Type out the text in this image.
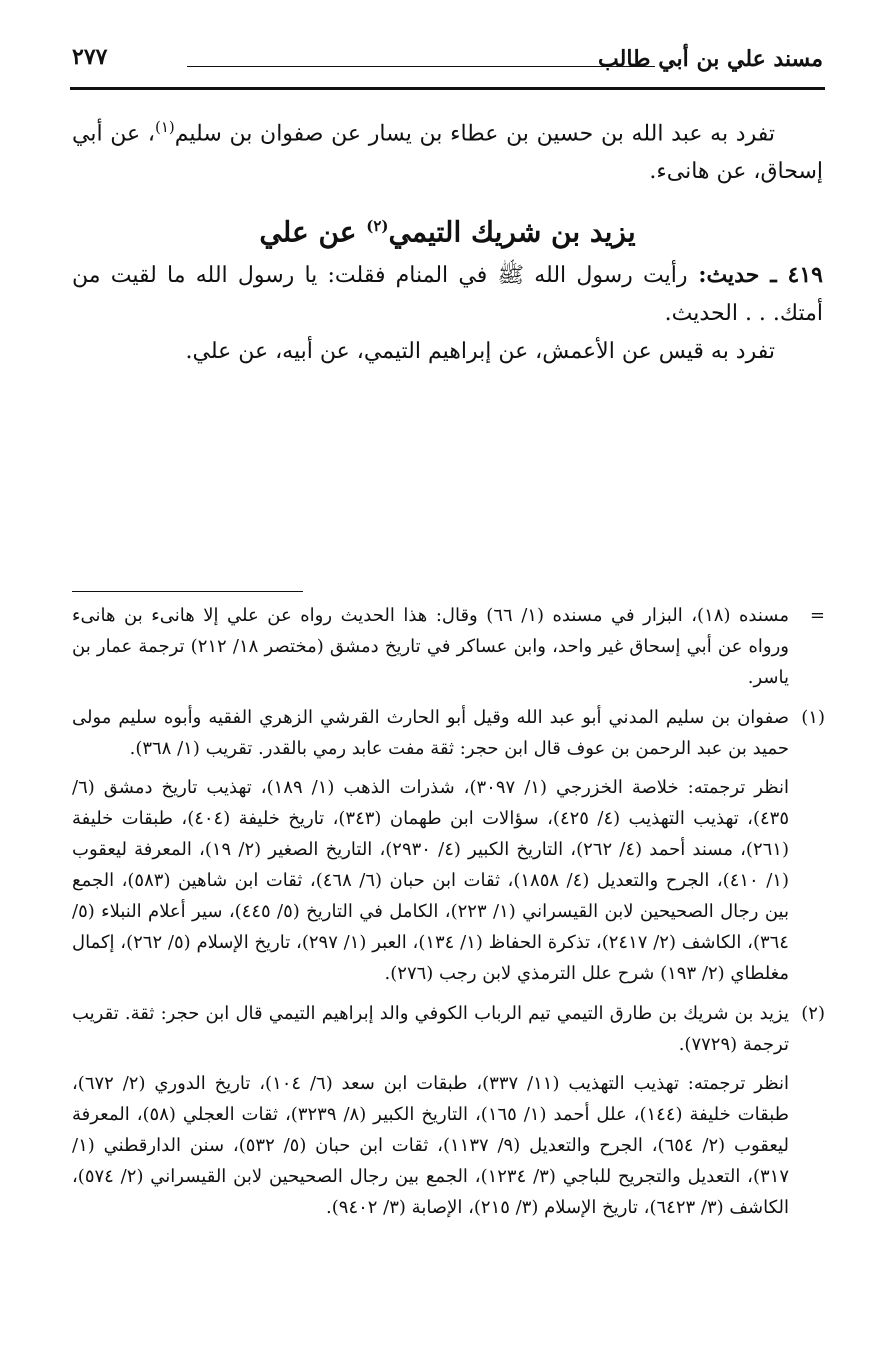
مسند علي بن أبي طالب
٢٧٧

تفرد به عبد الله بن حسين بن عطاء بن يسار عن صفوان بن سليم$^{(١)}$، عن أبي إسحاق، عن هانىء.

يزيد بن شريك التيمي$^{(٢)}$ عن علي

٤١٩ ـ حديث: رأيت رسول الله ﷺ في المنام فقلت: يا رسول الله ما لقيت من أمتك. . . الحديث.

تفرد به قيس عن الأعمش، عن إبراهيم التيمي، عن أبيه، عن علي.

=
مسنده (١٨)، البزار في مسنده (١/ ٦٦) وقال: هذا الحديث رواه عن علي إلا هانىء بن هانىء ورواه عن أبي إسحاق غير واحد، وابن عساكر في تاريخ دمشق (مختصر ١٨/ ٢١٢) ترجمة عمار بن ياسر.
(١)
صفوان بن سليم المدني أبو عبد الله وقيل أبو الحارث القرشي الزهري الفقيه وأبوه سليم مولى حميد بن عبد الرحمن بن عوف قال ابن حجر: ثقة مفت عابد رمي بالقدر. تقريب (١/ ٣٦٨).
انظر ترجمته: خلاصة الخزرجي (١/ ٣٠٩٧)، شذرات الذهب (١/ ١٨٩)، تهذيب تاريخ دمشق (٦/ ٤٣٥)، تهذيب التهذيب (٤/ ٤٢٥)، سؤالات ابن طهمان (٣٤٣)، تاريخ خليفة (٤٠٤)، طبقات خليفة (٢٦١)، مسند أحمد (٤/ ٢٦٢)، التاريخ الكبير (٤/ ٢٩٣٠)، التاريخ الصغير (٢/ ١٩)، المعرفة ليعقوب (١/ ٤١٠)، الجرح والتعديل (٤/ ١٨٥٨)، ثقات ابن حبان (٦/ ٤٦٨)، ثقات ابن شاهين (٥٨٣)، الجمع بين رجال الصحيحين لابن القيسراني (١/ ٢٢٣)، الكامل في التاريخ (٥/ ٤٤٥)، سير أعلام النبلاء (٥/ ٣٦٤)، الكاشف (٢/ ٢٤١٧)، تذكرة الحفاظ (١/ ١٣٤)، العبر (١/ ٢٩٧)، تاريخ الإسلام (٥/ ٢٦٢)، إكمال مغلطاي (٢/ ١٩٣) شرح علل الترمذي لابن رجب (٢٧٦).
(٢)
يزيد بن شريك بن طارق التيمي تيم الرباب الكوفي والد إبراهيم التيمي قال ابن حجر: ثقة. تقريب ترجمة (٧٧٢٩).
انظر ترجمته: تهذيب التهذيب (١١/ ٣٣٧)، طبقات ابن سعد (٦/ ١٠٤)، تاريخ الدوري (٢/ ٦٧٢)، طبقات خليفة (١٤٤)، علل أحمد (١/ ١٦٥)، التاريخ الكبير (٨/ ٣٢٣٩)، ثقات العجلي (٥٨)، المعرفة ليعقوب (٢/ ٦٥٤)، الجرح والتعديل (٩/ ١١٣٧)، ثقات ابن حبان (٥/ ٥٣٢)، سنن الدارقطني (١/ ٣١٧)، التعديل والتجريح للباجي (٣/ ١٢٣٤)، الجمع بين رجال الصحيحين لابن القيسراني (٢/ ٥٧٤)، الكاشف (٣/ ٦٤٢٣)، تاريخ الإسلام (٣/ ٢١٥)، الإصابة (٣/ ٩٤٠٢).
